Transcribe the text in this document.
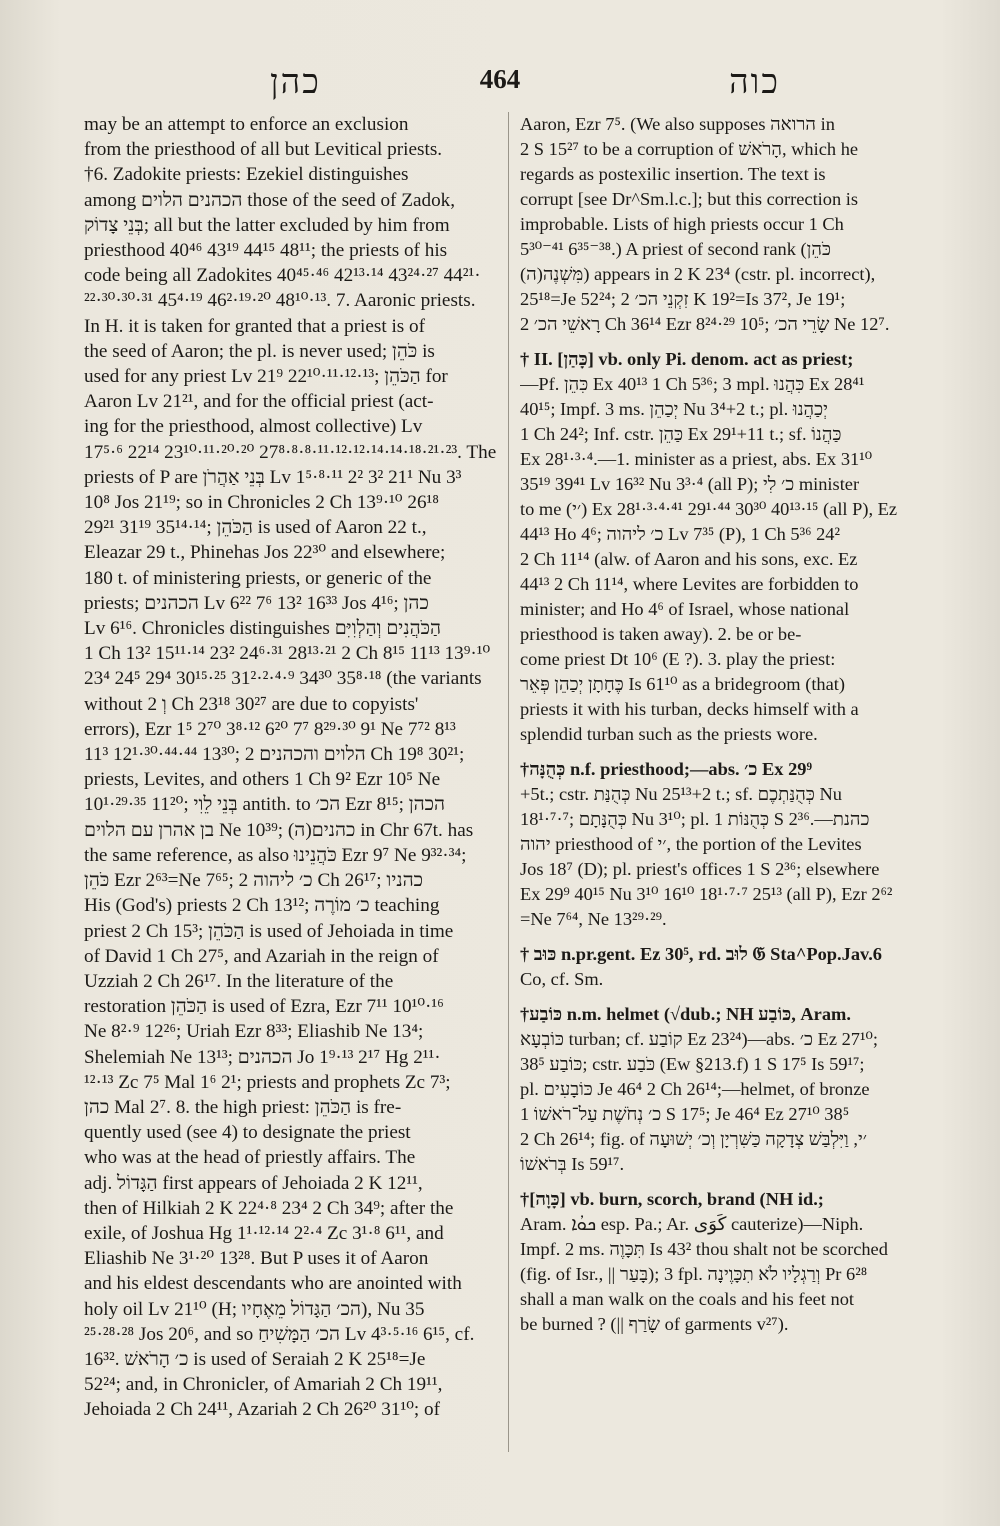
כהן	464	כוה
may be an attempt to enforce an exclusion
from the priesthood of all but Levitical priests.
†6. Zadokite priests: Ezekiel distinguishes
among הכהנים הלוים those of the seed of Zadok,
בְּנֵי צָדוֹק; all but the latter excluded by him from
priesthood 40⁴⁶ 43¹⁹ 44¹⁵ 48¹¹; the priests of his
code being all Zadokites 40⁴⁵·⁴⁶ 42¹³·¹⁴ 43²⁴·²⁷ 44²¹·
²²·³⁰·³⁰·³¹ 45⁴·¹⁹ 46²·¹⁹·²⁰ 48¹⁰·¹³. 7. Aaronic priests.
In H. it is taken for granted that a priest is of
the seed of Aaron; the pl. is never used; כֹּהֵן is
used for any priest Lv 21⁹ 22¹⁰·¹¹·¹²·¹³; הַכֹּהֵן for
Aaron Lv 21²¹, and for the official priest (act-
ing for the priesthood, almost collective) Lv
17⁵·⁶ 22¹⁴ 23¹⁰·¹¹·²⁰·²⁰ 27⁸·⁸·⁸·¹¹·¹²·¹²·¹⁴·¹⁴·¹⁸·²¹·²³. The
priests of P are בְּנֵי אַהֲרֹן Lv 1⁵·⁸·¹¹ 2² 3² 21¹ Nu 3³
10⁸ Jos 21¹⁹; so in Chronicles 2 Ch 13⁹·¹⁰ 26¹⁸
29²¹ 31¹⁹ 35¹⁴·¹⁴; הַכֹּהֵן is used of Aaron 22 t.,
Eleazar 29 t., Phinehas Jos 22³⁰ and elsewhere;
180 t. of ministering priests, or generic of the
priests; הכהנים Lv 6²² 7⁶ 13² 16³³ Jos 4¹⁶; כהן
Lv 6¹⁶. Chronicles distinguishes הַכֹּהֲנִים וְהַלְוִיִּם
1 Ch 13² 15¹¹·¹⁴ 23² 24⁶·³¹ 28¹³·²¹ 2 Ch 8¹⁵ 11¹³ 13⁹·¹⁰
23⁴ 24⁵ 29⁴ 30¹⁵·²⁵ 31²·²·⁴·⁹ 34³⁰ 35⁸·¹⁸ (the variants
without וְ 2 Ch 23¹⁸ 30²⁷ are due to copyists'
errors), Ezr 1⁵ 2⁷⁰ 3⁸·¹² 6²⁰ 7⁷ 8²⁹·³⁰ 9¹ Ne 7⁷² 8¹³
11³ 12¹·³⁰·⁴⁴·⁴⁴ 13³⁰; הלוים והכהנים 2 Ch 19⁸ 30²¹;
priests, Levites, and others 1 Ch 9² Ezr 10⁵ Ne
10¹·²⁹·³⁵ 11²⁰; בְּנֵי לֵוִי antith. to הכ׳ Ezr 8¹⁵; הכהן
בן אהרן עם הלוים Ne 10³⁹; (ה)כהנים in Chr 67t. has
the same reference, as also כֹּהֲנֵינוּ Ezr 9⁷ Ne 9³²·³⁴;
כֹּהֵן Ezr 2⁶³=Ne 7⁶⁵; כ׳ ליהוה 2 Ch 26¹⁷; כהניו
His (God's) priests 2 Ch 13¹²; כ׳ מוֹרֶה teaching
priest 2 Ch 15³; הַכֹּהֵן is used of Jehoiada in time
of David 1 Ch 27⁵, and Azariah in the reign of
Uzziah 2 Ch 26¹⁷. In the literature of the
restoration הַכֹּהֵן is used of Ezra, Ezr 7¹¹ 10¹⁰·¹⁶
Ne 8²·⁹ 12²⁶; Uriah Ezr 8³³; Eliashib Ne 13⁴;
Shelemiah Ne 13¹³; הכהנים Jo 1⁹·¹³ 2¹⁷ Hg 2¹¹·
¹²·¹³ Zc 7⁵ Mal 1⁶ 2¹; priests and prophets Zc 7³;
כהן Mal 2⁷. 8. the high priest: הַכֹּהֵן is fre-
quently used (see 4) to designate the priest
who was at the head of priestly affairs. The
adj. הַגָּדוֹל first appears of Jehoiada 2 K 12¹¹,
then of Hilkiah 2 K 22⁴·⁸ 23⁴ 2 Ch 34⁹; after the
exile, of Joshua Hg 1¹·¹²·¹⁴ 2²·⁴ Zc 3¹·⁸ 6¹¹, and
Eliashib Ne 3¹·²⁰ 13²⁸. But P uses it of Aaron
and his eldest descendants who are anointed with
holy oil Lv 21¹⁰ (H; הכ׳ הַגָּדוֹל מֵאֶחָיו), Nu 35
²⁵·²⁸·²⁸ Jos 20⁶, and so הכ׳ הַמָּשִׁיחַ Lv 4³·⁵·¹⁶ 6¹⁵, cf.
16³². כ׳ הָרֹאשׁ is used of Seraiah 2 K 25¹⁸=Je
52²⁴; and, in Chronicler, of Amariah 2 Ch 19¹¹,
Jehoiada 2 Ch 24¹¹, Azariah 2 Ch 26²⁰ 31¹⁰; of
Aaron, Ezr 7⁵. (We also supposes הרואה in
2 S 15²⁷ to be a corruption of הָרֹאשׁ, which he
regards as postexilic insertion. The text is
corrupt [see Dr^Sm.l.c.]; but this correction is
improbable. Lists of high priests occur 1 Ch
5³⁰⁻⁴¹ 6³⁵⁻³⁸.) A priest of second rank (כֹּהֵן
(ה)מִּשְׁנֶה) appears in 2 K 23⁴ (cstr. pl. incorrect),
25¹⁸=Je 52²⁴; זִקְנֵי הכ׳ 2 K 19²=Is 37², Je 19¹;
רָאשֵׁי הכ׳ 2 Ch 36¹⁴ Ezr 8²⁴·²⁹ 10⁵; שָׂרֵי הכ׳ Ne 12⁷.
† II. [כָּהַן] vb. only Pi. denom. act as priest;
—Pf. כִּהֵן Ex 40¹³ 1 Ch 5³⁶; 3 mpl. כִּהֲנוּ Ex 28⁴¹
40¹⁵; Impf. 3 ms. יְכַהֵן Nu 3⁴+2 t.; pl. יְכַהֲנוּ
1 Ch 24²; Inf. cstr. כַּהֵן Ex 29¹+11 t.; sf. כַּהֲנוֹ
Ex 28¹·³·⁴.—1. minister as a priest, abs. Ex 31¹⁰
35¹⁹ 39⁴¹ Lv 16³² Nu 3³·⁴ (all P); כ׳ לִי minister
to me (׳י) Ex 28¹·³·⁴·⁴¹ 29¹·⁴⁴ 30³⁰ 40¹³·¹⁵ (all P), Ez
44¹³ Ho 4⁶; כ׳ ליהוה Lv 7³⁵ (P), 1 Ch 5³⁶ 24²
2 Ch 11¹⁴ (alw. of Aaron and his sons, exc. Ez
44¹³ 2 Ch 11¹⁴, where Levites are forbidden to
minister; and Ho 4⁶ of Israel, whose national
priesthood is taken away). 2. be or be-
come priest Dt 10⁶ (E ?). 3. play the priest:
כֶּחָתָן יְכַהֵן פְּאֵר Is 61¹⁰ as a bridegroom (that)
priests it with his turban, decks himself with a
splendid turban such as the priests wore.
†כְּהֻנָּה n.f. priesthood;—abs. כ׳ Ex 29⁹
+5t.; cstr. כְּהֻנַּת Nu 25¹³+2 t.; sf. כְּהֻנַּתְכֶם Nu
18¹·⁷·⁷; כְּהֻנָּתָם Nu 3¹⁰; pl. כְּהֻנּוֹת 1 S 2³⁶.—כהנת
יהוה priesthood of ׳י, the portion of the Levites
Jos 18⁷ (D); pl. priest's offices 1 S 2³⁶; elsewhere
Ex 29⁹ 40¹⁵ Nu 3¹⁰ 16¹⁰ 18¹·⁷·⁷ 25¹³ (all P), Ezr 2⁶²
=Ne 7⁶⁴, Ne 13²⁹·²⁹.
† כּוּב n.pr.gent. Ez 30⁵, rd. לוּב 𝔊 Sta^Pop.Jav.6
Co, cf. Sm.
†כּוֹבַע n.m. helmet (√dub.; NH כּוֹבַע, Aram.
כּוֹבְעָא turban; cf. קוֹבַע Ez 23²⁴)—abs. כ׳ Ez 27¹⁰;
כּוֹבַע 38⁵; cstr. כֹּבַע (Ew §213.f) 1 S 17⁵ Is 59¹⁷;
pl. כּוֹבָעִים Je 46⁴ 2 Ch 26¹⁴;—helmet, of bronze
כ׳ נְחֹשֶׁת עַל־רֹאשׁוֹ 1 S 17⁵; Je 46⁴ Ez 27¹⁰ 38⁵
2 Ch 26¹⁴; fig. of ׳י, וַיִּלְבַּשׁ צְדָקָה כַּשִּׁרְיָן וְכ׳ יְשׁוּעָה
בְּרֹאשׁוֹ Is 59¹⁷.
†[כָּוָה] vb. burn, scorch, brand (NH id.;
Aram. ܟܘܳܐ esp. Pa.; Ar. كَوَى cauterize)—Niph.
Impf. 2 ms. תִּכָּוֶה Is 43² thou shalt not be scorched
(fig. of Isr., || בָּעַר); 3 fpl. וְרַגְלָיו לֹא תִכָּוֶינָה Pr 6²⁸
shall a man walk on the coals and his feet not
be burned ? (|| שָׂרַף of garments v²⁷).
